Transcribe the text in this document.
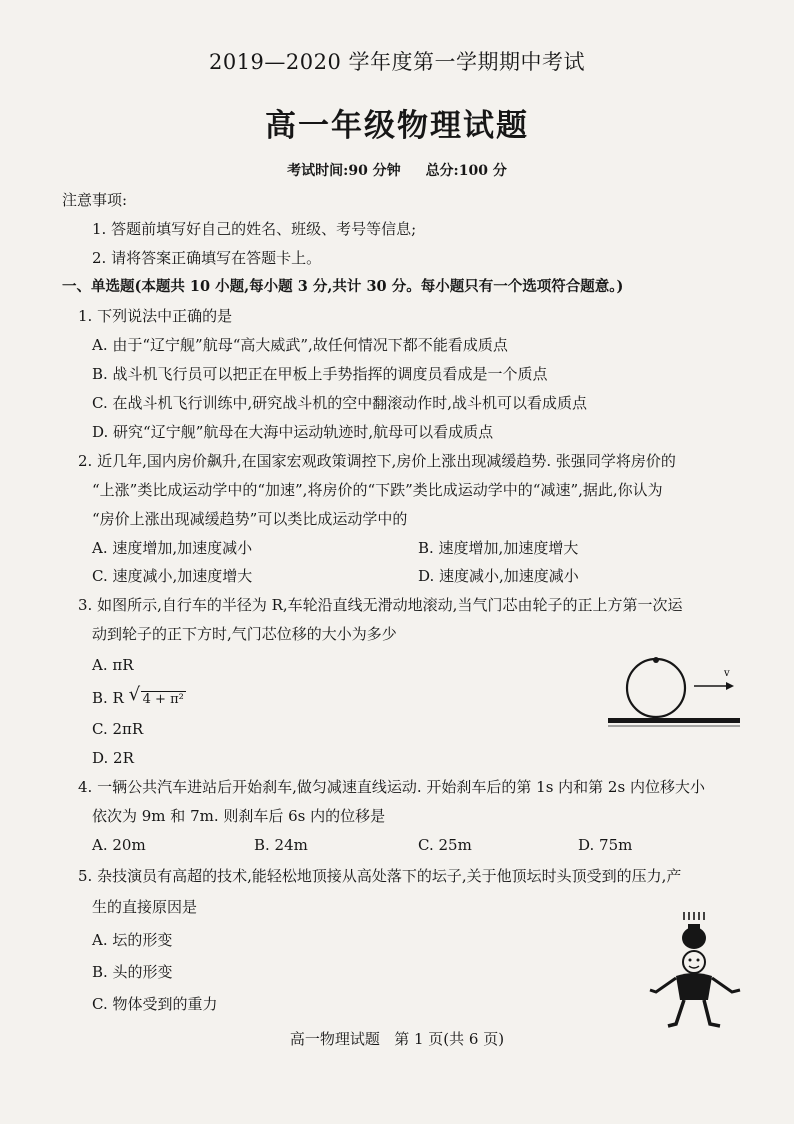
2019—2020 学年度第一学期期中考试
高一年级物理试题
考试时间:90 分钟 总分:100 分
注意事项:
1. 答题前填写好自己的姓名、班级、考号等信息;
2. 请将答案正确填写在答题卡上。
一、单选题(本题共 10 小题,每小题 3 分,共计 30 分。每小题只有一个选项符合题意。)
1. 下列说法中正确的是
A. 由于“辽宁舰”航母“高大威武”,故任何情况下都不能看成质点
B. 战斗机飞行员可以把正在甲板上手势指挥的调度员看成是一个质点
C. 在战斗机飞行训练中,研究战斗机的空中翻滚动作时,战斗机可以看成质点
D. 研究“辽宁舰”航母在大海中运动轨迹时,航母可以看成质点
2. 近几年,国内房价飙升,在国家宏观政策调控下,房价上涨出现减缓趋势. 张强同学将房价的
“上涨”类比成运动学中的“加速”,将房价的“下跌”类比成运动学中的“减速”,据此,你认为
“房价上涨出现减缓趋势”可以类比成运动学中的
A. 速度增加,加速度减小	B. 速度增加,加速度增大
C. 速度减小,加速度增大	D. 速度减小,加速度减小
3. 如图所示,自行车的半径为 R,车轮沿直线无滑动地滚动,当气门芯由轮子的正上方第一次运
动到轮子的正下方时,气门芯位移的大小为多少
A. πR
B. R √ 4 + π²
C. 2πR
D. 2R
v
4. 一辆公共汽车进站后开始刹车,做匀减速直线运动. 开始刹车后的第 1s 内和第 2s 内位移大小
依次为 9m 和 7m. 则刹车后 6s 内的位移是
A. 20m	B. 24m	C. 25m	D. 75m
5. 杂技演员有高超的技术,能轻松地顶接从高处落下的坛子,关于他顶坛时头顶受到的压力,产
生的直接原因是
A. 坛的形变
B. 头的形变
C. 物体受到的重力
高一物理试题   第 1 页(共 6 页)
